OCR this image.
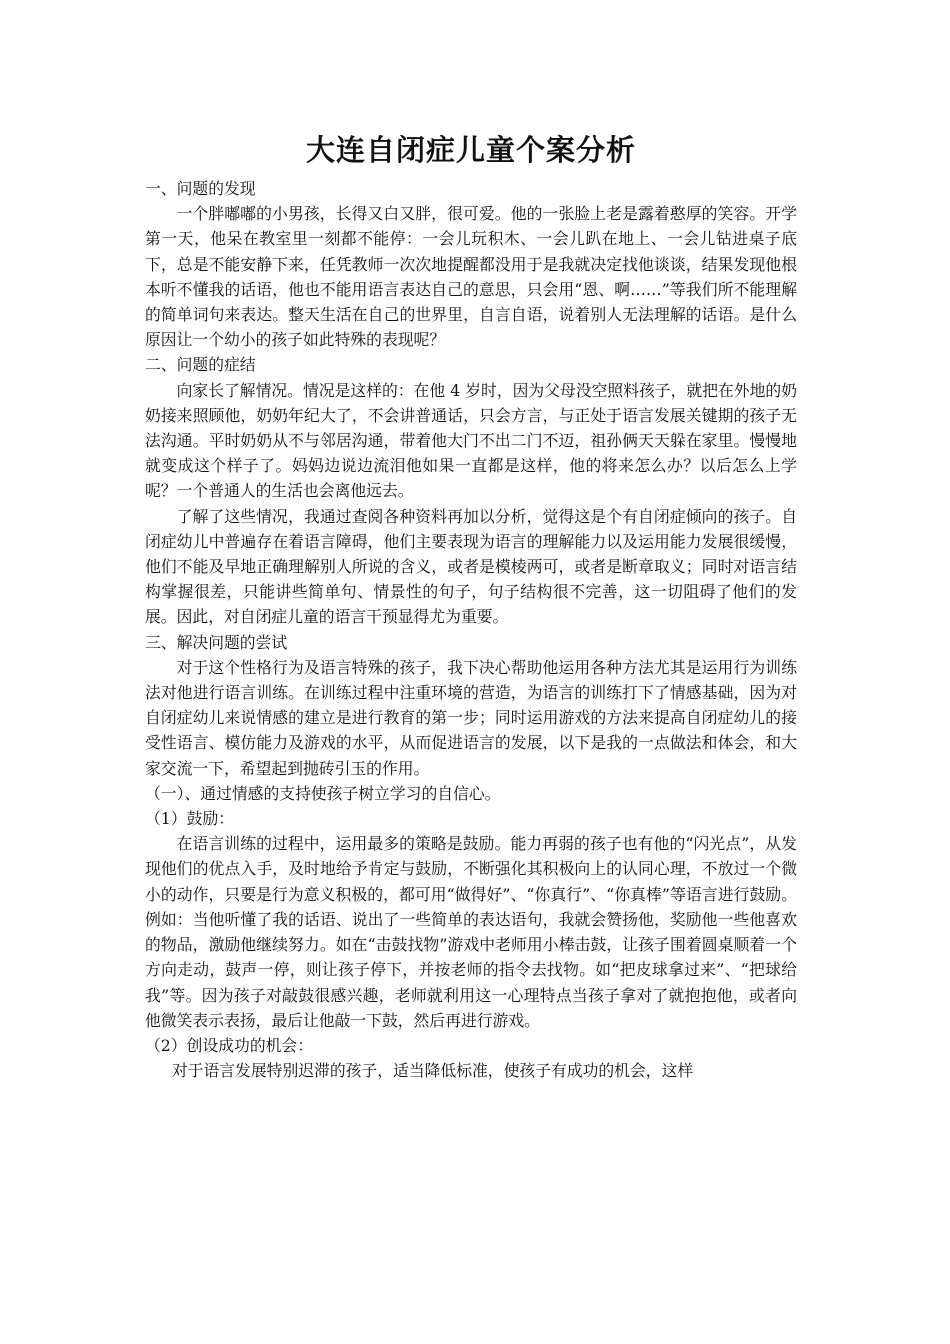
大连自闭症儿童个案分析

一、问题的发现

一个胖嘟嘟的小男孩，长得又白又胖，很可爱。他的一张脸上老是露着憨厚的笑容。开学第一天，他呆在教室里一刻都不能停：一会儿玩积木、一会儿趴在地上、一会儿钻进桌子底下，总是不能安静下来，任凭教师一次次地提醒都没用于是我就决定找他谈谈，结果发现他根本听不懂我的话语，他也不能用语言表达自己的意思，只会用“恩、啊……”等我们所不能理解的简单词句来表达。整天生活在自己的世界里，自言自语，说着别人无法理解的话语。是什么原因让一个幼小的孩子如此特殊的表现呢？

二、问题的症结

向家长了解情况。情况是这样的：在他 4 岁时，因为父母没空照料孩子，就把在外地的奶奶接来照顾他，奶奶年纪大了，不会讲普通话，只会方言，与正处于语言发展关键期的孩子无法沟通。平时奶奶从不与邻居沟通，带着他大门不出二门不迈，祖孙俩天天躲在家里。慢慢地就变成这个样子了。妈妈边说边流泪他如果一直都是这样，他的将来怎么办？以后怎么上学呢？一个普通人的生活也会离他远去。

了解了这些情况，我通过查阅各种资料再加以分析，觉得这是个有自闭症倾向的孩子。自闭症幼儿中普遍存在着语言障碍，他们主要表现为语言的理解能力以及运用能力发展很缓慢，他们不能及早地正确理解别人所说的含义，或者是模棱两可，或者是断章取义；同时对语言结构掌握很差，只能讲些简单句、情景性的句子，句子结构很不完善，这一切阻碍了他们的发展。因此，对自闭症儿童的语言干预显得尤为重要。

三、解决问题的尝试

对于这个性格行为及语言特殊的孩子，我下决心帮助他运用各种方法尤其是运用行为训练法对他进行语言训练。在训练过程中注重环境的营造，为语言的训练打下了情感基础，因为对自闭症幼儿来说情感的建立是进行教育的第一步；同时运用游戏的方法来提高自闭症幼儿的接受性语言、模仿能力及游戏的水平，从而促进语言的发展，以下是我的一点做法和体会，和大家交流一下，希望起到抛砖引玉的作用。

（一）、通过情感的支持使孩子树立学习的自信心。

（1）鼓励：

在语言训练的过程中，运用最多的策略是鼓励。能力再弱的孩子也有他的“闪光点”，从发现他们的优点入手，及时地给予肯定与鼓励，不断强化其积极向上的认同心理，不放过一个微小的动作，只要是行为意义积极的，都可用“做得好”、“你真行”、“你真棒”等语言进行鼓励。例如：当他听懂了我的话语、说出了一些简单的表达语句，我就会赞扬他，奖励他一些他喜欢的物品，激励他继续努力。如在“击鼓找物”游戏中老师用小棒击鼓，让孩子围着圆桌顺着一个方向走动，鼓声一停，则让孩子停下，并按老师的指令去找物。如“把皮球拿过来”、“把球给我”等。因为孩子对敲鼓很感兴趣，老师就利用这一心理特点当孩子拿对了就抱抱他，或者向他微笑表示表扬，最后让他敲一下鼓，然后再进行游戏。

（2）创设成功的机会：

对于语言发展特别迟滞的孩子，适当降低标准，使孩子有成功的机会，这样
